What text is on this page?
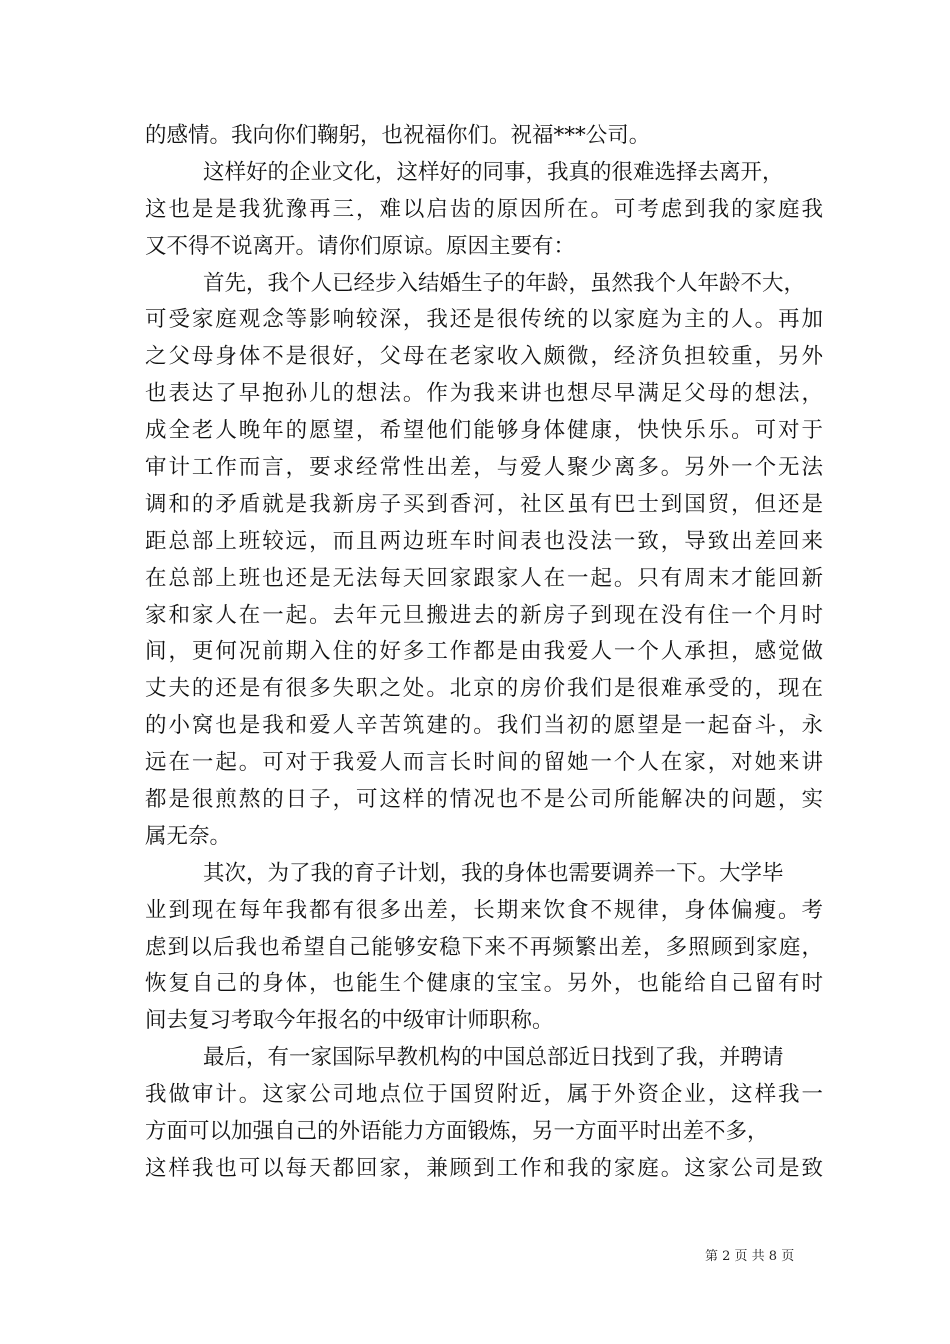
的感情。我向你们鞠躬，也祝福你们。祝福***公司。
这样好的企业文化，这样好的同事，我真的很难选择去离开，
这也是是我犹豫再三，难以启齿的原因所在。可考虑到我的家庭我
又不得不说离开。请你们原谅。原因主要有：
首先，我个人已经步入结婚生子的年龄，虽然我个人年龄不大，
可受家庭观念等影响较深，我还是很传统的以家庭为主的人。再加
之父母身体不是很好，父母在老家收入颇微，经济负担较重，另外
也表达了早抱孙儿的想法。作为我来讲也想尽早满足父母的想法，
成全老人晚年的愿望，希望他们能够身体健康，快快乐乐。可对于
审计工作而言，要求经常性出差，与爱人聚少离多。另外一个无法
调和的矛盾就是我新房子买到香河，社区虽有巴士到国贸，但还是
距总部上班较远，而且两边班车时间表也没法一致，导致出差回来
在总部上班也还是无法每天回家跟家人在一起。只有周末才能回新
家和家人在一起。去年元旦搬进去的新房子到现在没有住一个月时
间，更何况前期入住的好多工作都是由我爱人一个人承担，感觉做
丈夫的还是有很多失职之处。北京的房价我们是很难承受的，现在
的小窝也是我和爱人辛苦筑建的。我们当初的愿望是一起奋斗，永
远在一起。可对于我爱人而言长时间的留她一个人在家，对她来讲
都是很煎熬的日子，可这样的情况也不是公司所能解决的问题，实
属无奈。
其次，为了我的育子计划，我的身体也需要调养一下。大学毕
业到现在每年我都有很多出差，长期来饮食不规律，身体偏瘦。考
虑到以后我也希望自己能够安稳下来不再频繁出差，多照顾到家庭，
恢复自己的身体，也能生个健康的宝宝。另外，也能给自己留有时
间去复习考取今年报名的中级审计师职称。
最后，有一家国际早教机构的中国总部近日找到了我，并聘请
我做审计。这家公司地点位于国贸附近，属于外资企业，这样我一
方面可以加强自己的外语能力方面锻炼，另一方面平时出差不多，
这样我也可以每天都回家，兼顾到工作和我的家庭。这家公司是致
第 2 页 共 8 页
